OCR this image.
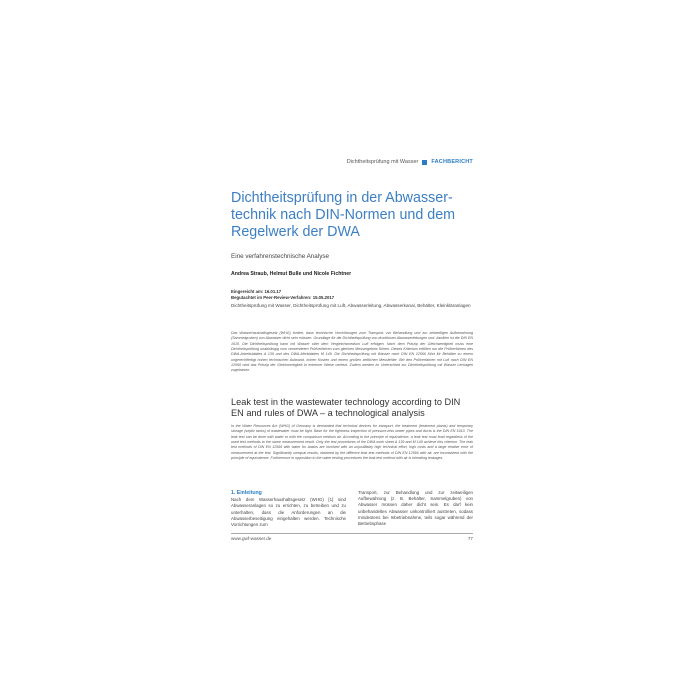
Dichtheitsprüfung mit Wasser FACHBERICHT
Dichtheitsprüfung in der Abwassertechnik nach DIN-Normen und dem Regelwerk der DWA
Eine verfahrenstechnische Analyse
Andrea Straub, Helmut Bulle und Nicole Fichtner
Eingereicht am: 16.01.17
Begutachtet im Peer-Review-Verfahren: 15.05.2017
Dichtheitsprüfung mit Wasser, Dichtheitsprüfung mit Luft, Abwasserleitung, Abwasserkanal, Behälter, Kleinkläranlagen

Das Wasserhaushaltsgesetz (WHG) fordert, dass technische Vorrichtungen zum Transport, zur Behandlung und zur zeitweiligen Aufbewahrung (Sammelgruben) von Abwasser dicht sein müssen. Grundlage für die Dichtheitsprüfung von drucklosen Abwasserleitungen und -kanälen ist die DIN EN 1610. Die Dichtheitsprüfung kann mit Wasser oder dem Vergleichsmedium Luft erfolgen. Nach dem Prinzip der Gleichwertigkeit muss eine Dichtheitsprüfung unabhängig vom verwendeten Prüfverfahren zum gleichen Messergebnis führen. Dieses Kriterium erfüllen nur die Prüfverfahren des DWA-Arbeitsblattes A 139 und des DWA-Merkblattes M 149. Die Dichtheitsprüfung mit Wasser nach DIN EN 12566 führt für Behälter zu einem ungerechtfertigt hohen technischen Aufwand, hohen Kosten und einem großen zeitlichen Messfehler. Bei den Prüfverfahren mit Luft nach DIN EN 12566 wird das Prinzip der Gleichwertigkeit in extremer Weise verletzt. Zudem werden im Unterschied zur Dichtheitsprüfung mit Wasser Leckagen zugelassen.

Leak test in the wastewater technology according to DIN EN and rules of DWA – a technological analysis

In the Water Resources Act (WHG) of Germany is demanded that technical devices for transport, the treatment (treatment plants) and temporary storage (septic tanks) of wastewater must be tight. Base for the tightness inspection of pressure-less sewer pipes and ducts is the DIN EN 1610. The leak test can be done with water or with the comparison medium air. According to the principle of equivalence, a leak test must lead regardless of the used test methods to the same measurement result. Only the test procedures of the DWA work sheet A 139 and M 149 achieve this criterion. The leak test methods of DIN EN 12566 with water for basins are involved with an unjustifiably high technical effort, high costs and a large relative error of measurement at the test. Significantly unequal results, obtained by the different leak test methods of DIN EN 12566 with air, are inconsistent with the principle of equivalence. Furthermore in opposition to the water testing procedures the leak test method with air is tolerating leakages.

1. Einleitung
Nach dem Wasserhaushaltsgesetz (WHG) [1] sind Abwasseranlagen so zu errichten, zu betreiben und zu unterhalten, dass die Anforderungen an die Abwasserbeseitigung eingehalten werden. Technische Vorrichtungen zum
Transport, zur Behandlung und zur zeitweiligen Aufbewahrung (z. B. Behälter, Sammelgruben) von Abwasser müssen daher dicht sein. Es darf kein unbehandeltes Abwasser unkontrolliert austreten, sodass mindestens bei Inbetriebnahme, teils sogar während der Betriebsphase
www.gwf-wasser.de	77
